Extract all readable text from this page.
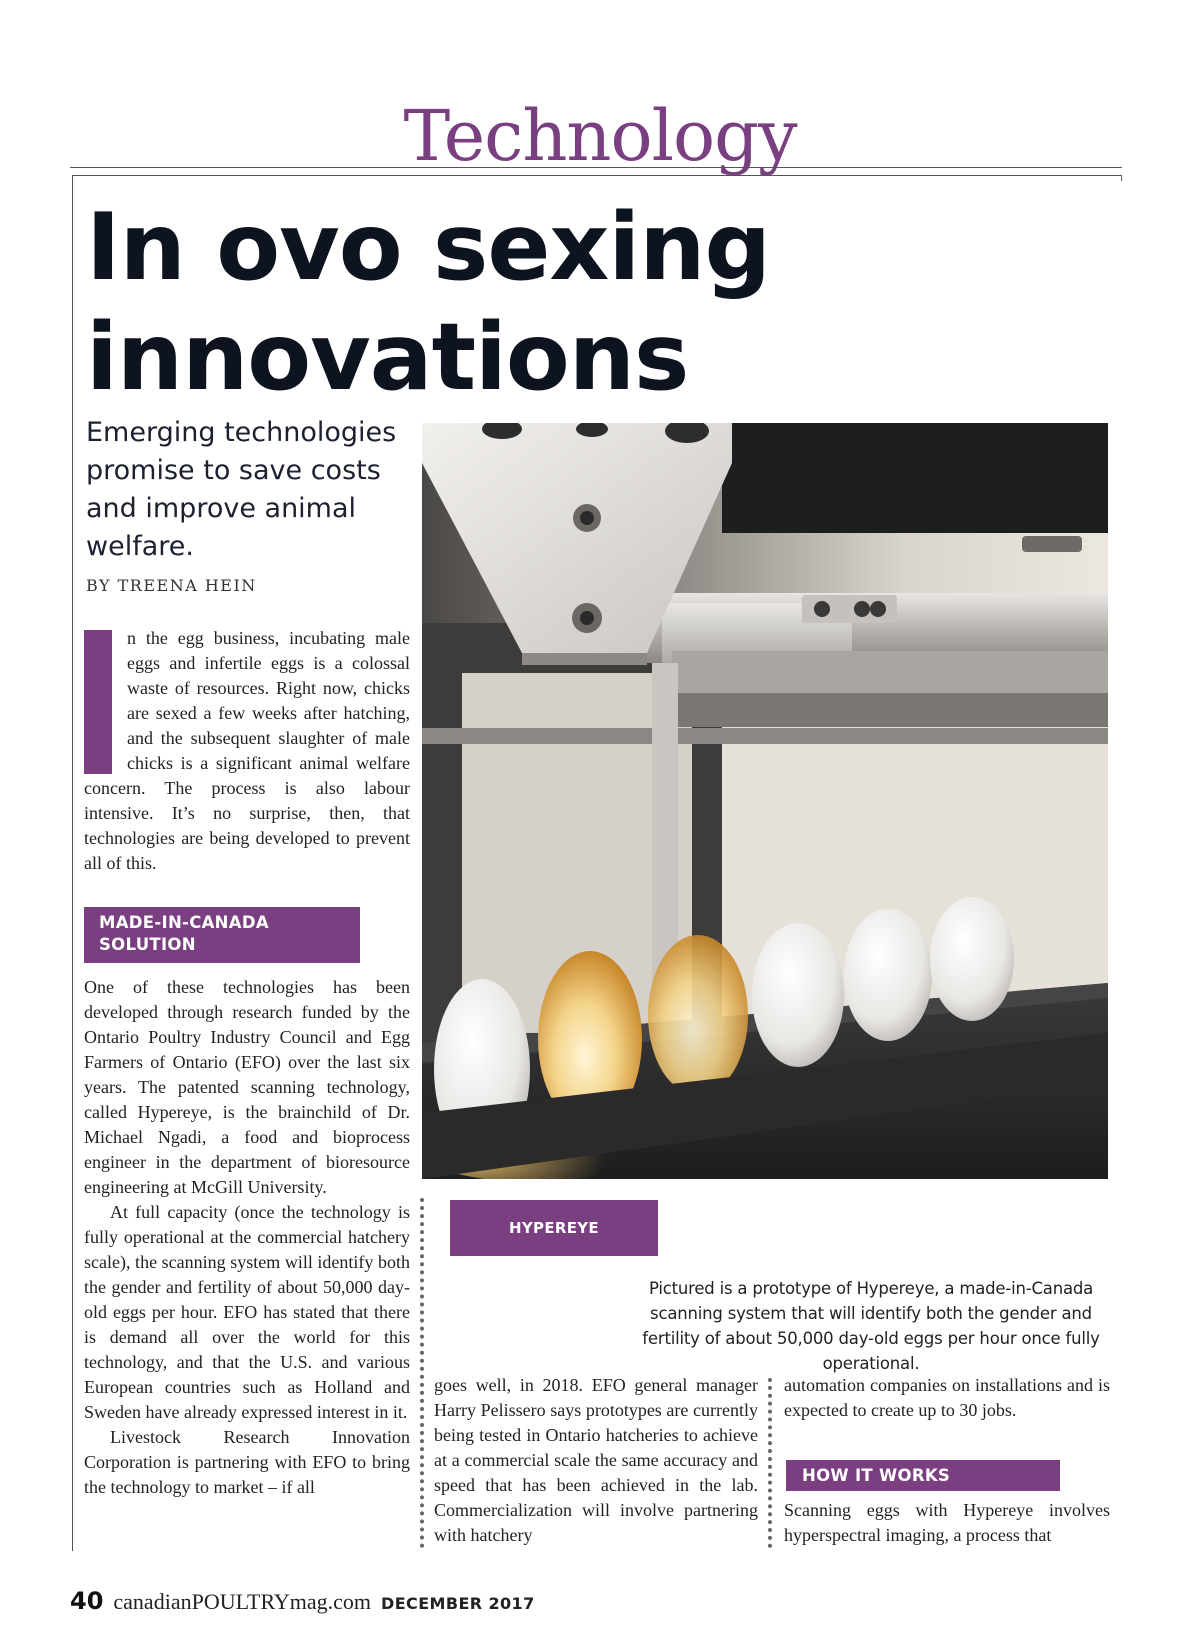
Technology
In ovo sexing
innovations
Emerging technologies promise to save costs and improve animal welfare.
BY TREENA HEIN

n the egg business, incubating male eggs and infertile eggs is a colossal waste of resources. Right now, chicks are sexed a few weeks after hatching, and the subsequent slaughter of male chicks is a significant animal welfare concern. The process is also labour intensive. It’s no surprise, then, that technologies are being developed to prevent all of this.

MADE-IN-CANADA SOLUTION

One of these technologies has been developed through research funded by the Ontario Poultry Industry Council and Egg Farmers of Ontario (EFO) over the last six years. The patented scanning technology, called Hypereye, is the brainchild of Dr. Michael Ngadi, a food and bioprocess engineer in the department of bioresource engineering at McGill University.

At full capacity (once the technology is fully operational at the commercial hatchery scale), the scanning system will identify both the gender and fertility of about 50,000 day-old eggs per hour. EFO has stated that there is demand all over the world for this technology, and that the U.S. and various European countries such as Holland and Sweden have already expressed interest in it.

Livestock Research Innovation Corporation is partnering with EFO to bring the technology to market – if all

HYPEREYE
Pictured is a prototype of Hypereye, a made-in-Canada scanning system that will identify both the gender and fertility of about 50,000 day-old eggs per hour once fully operational.

goes well, in 2018. EFO general manager Harry Pelissero says prototypes are currently being tested in Ontario hatcheries to achieve at a commercial scale the same accuracy and speed that has been achieved in the lab. Commercialization will involve partnering with hatchery

automation companies on installations and is expected to create up to 30 jobs.

HOW IT WORKS

Scanning eggs with Hypereye involves hyperspectral imaging, a process that

40 canadianPOULTRYmag.com DECEMBER 2017
